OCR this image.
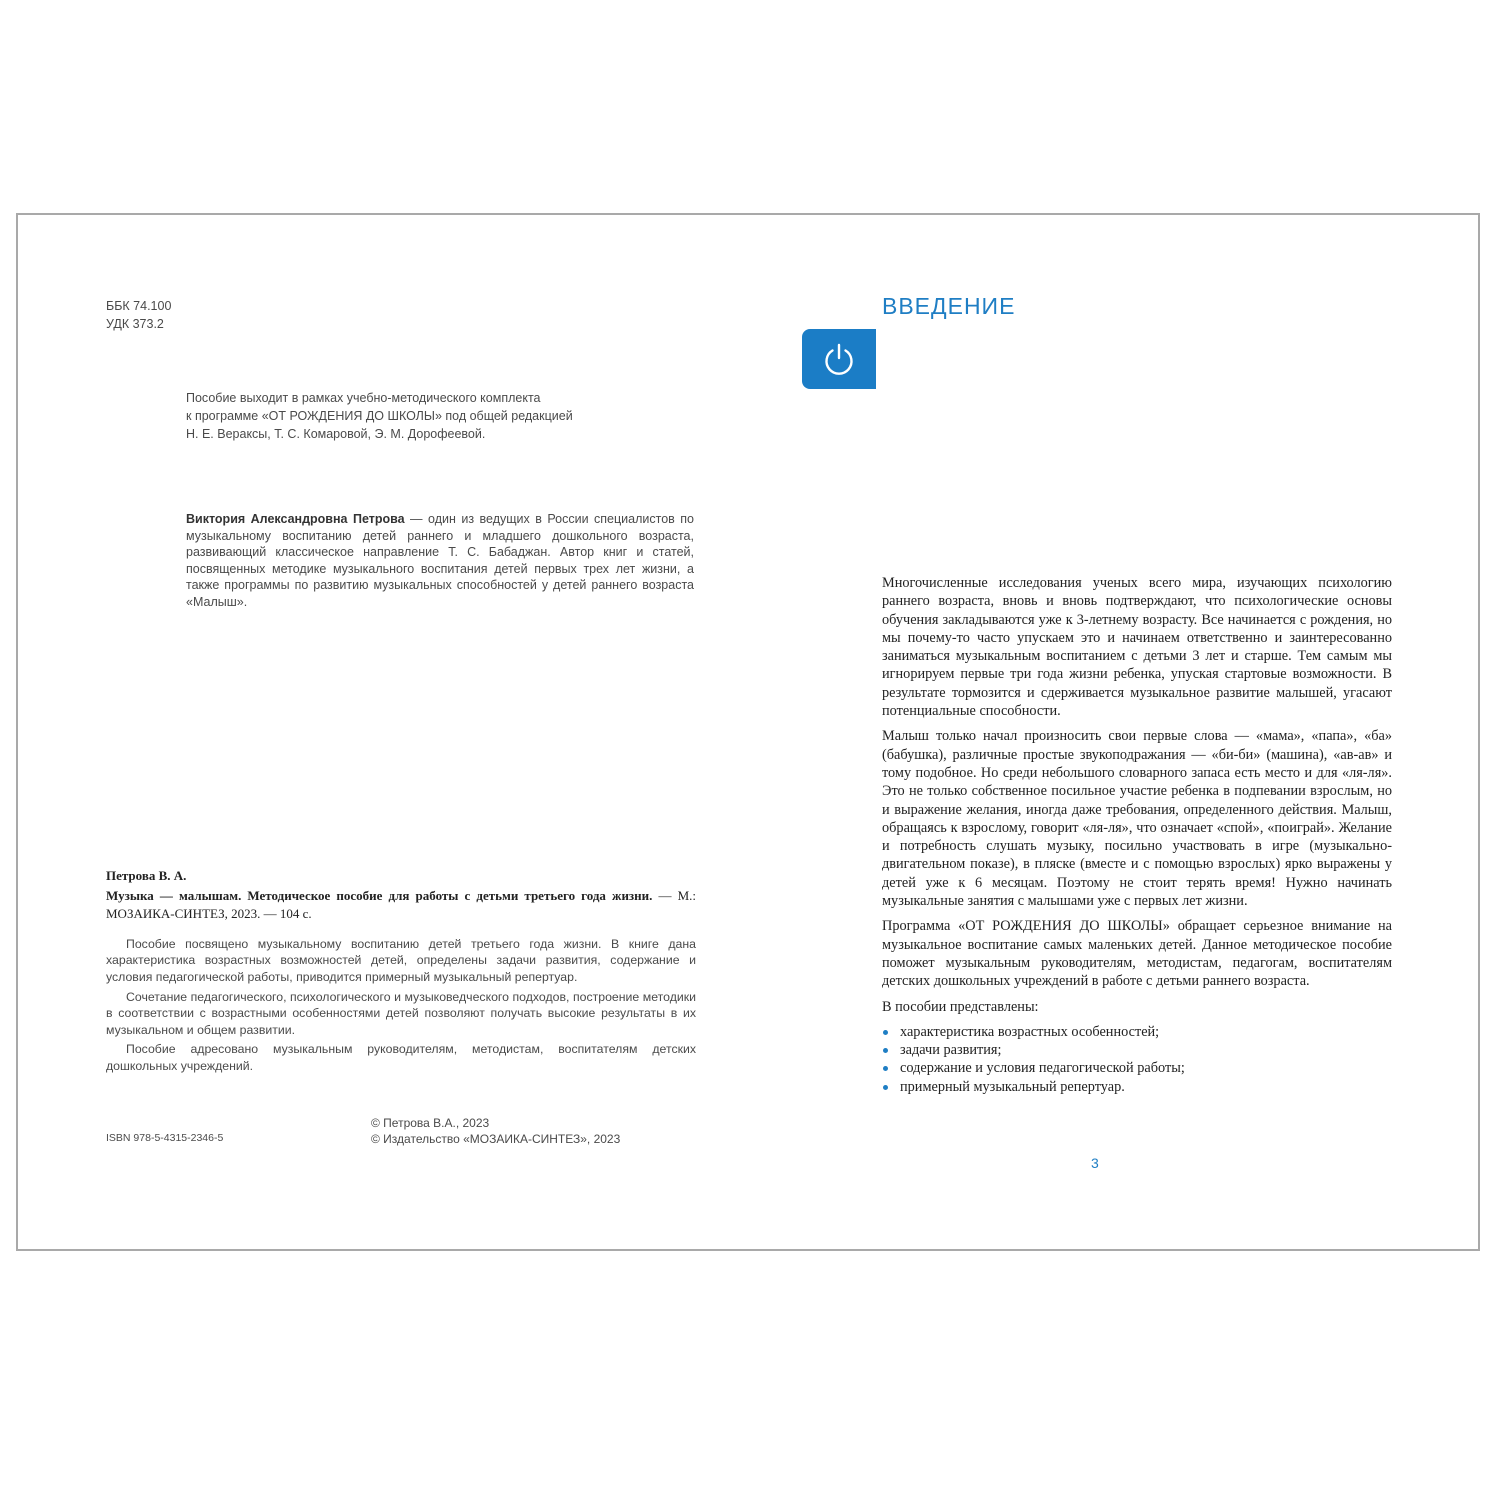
ББК 74.100
УДК 373.2
Пособие выходит в рамках учебно-методического комплекта
к программе «ОТ РОЖДЕНИЯ ДО ШКОЛЫ» под общей редакцией
Н. Е. Вераксы, Т. С. Комаровой, Э. М. Дорофеевой.
Виктория Александровна Петрова — один из ведущих в России специалистов по музыкальному воспитанию детей раннего и младшего дошкольного возраста, развивающий классическое направление Т. С. Бабаджан. Автор книг и статей, посвященных методике музыкального воспитания детей первых трех лет жизни, а также программы по развитию музыкальных способностей у детей раннего возраста «Малыш».
Петрова В. А.
Музыка — малышам. Методическое пособие для работы с детьми третьего года жизни. — М.: МОЗАИКА-СИНТЕЗ, 2023. — 104 с.

Пособие посвящено музыкальному воспитанию детей третьего года жизни. В книге дана характеристика возрастных возможностей детей, определены задачи развития, содержание и условия педагогической работы, приводится примерный музыкальный репертуар.

Сочетание педагогического, психологического и музыковедческого подходов, построение методики в соответствии с возрастными особенностями детей позволяют получать высокие результаты в их музыкальном и общем развитии.

Пособие адресовано музыкальным руководителям, методистам, воспитателям детских дошкольных учреждений.

ISBN 978-5-4315-2346-5
© Петрова В.А., 2023
© Издательство «МОЗАИКА-СИНТЕЗ», 2023
ВВЕДЕНИЕ

Многочисленные исследования ученых всего мира, изучающих психологию раннего возраста, вновь и вновь подтверждают, что психологические основы обучения закладываются уже к 3-летнему возрасту. Все начинается с рождения, но мы почему-то часто упускаем это и начинаем ответственно и заинтересованно заниматься музыкальным воспитанием с детьми 3 лет и старше. Тем самым мы игнорируем первые три года жизни ребенка, упуская стартовые возможности. В результате тормозится и сдерживается музыкальное развитие малышей, угасают потенциальные способности.

Малыш только начал произносить свои первые слова — «мама», «папа», «ба» (бабушка), различные простые звукоподражания — «би-би» (машина), «ав-ав» и тому подобное. Но среди небольшого словарного запаса есть место и для «ля-ля». Это не только собственное посильное участие ребенка в подпевании взрослым, но и выражение желания, иногда даже требования, определенного действия. Малыш, обращаясь к взрослому, говорит «ля-ля», что означает «спой», «поиграй». Желание и потребность слушать музыку, посильно участвовать в игре (музыкально-двигательном показе), в пляске (вместе и с помощью взрослых) ярко выражены у детей уже к 6 месяцам. Поэтому не стоит терять время! Нужно начинать музыкальные занятия с малышами уже с первых лет жизни.

Программа «ОТ РОЖДЕНИЯ ДО ШКОЛЫ» обращает серьезное внимание на музыкальное воспитание самых маленьких детей. Данное методическое пособие поможет музыкальным руководителям, методистам, педагогам, воспитателям детских дошкольных учреждений в работе с детьми раннего возраста.

В пособии представлены:

характеристика возрастных особенностей;
задачи развития;
содержание и условия педагогической работы;
примерный музыкальный репертуар.
3
